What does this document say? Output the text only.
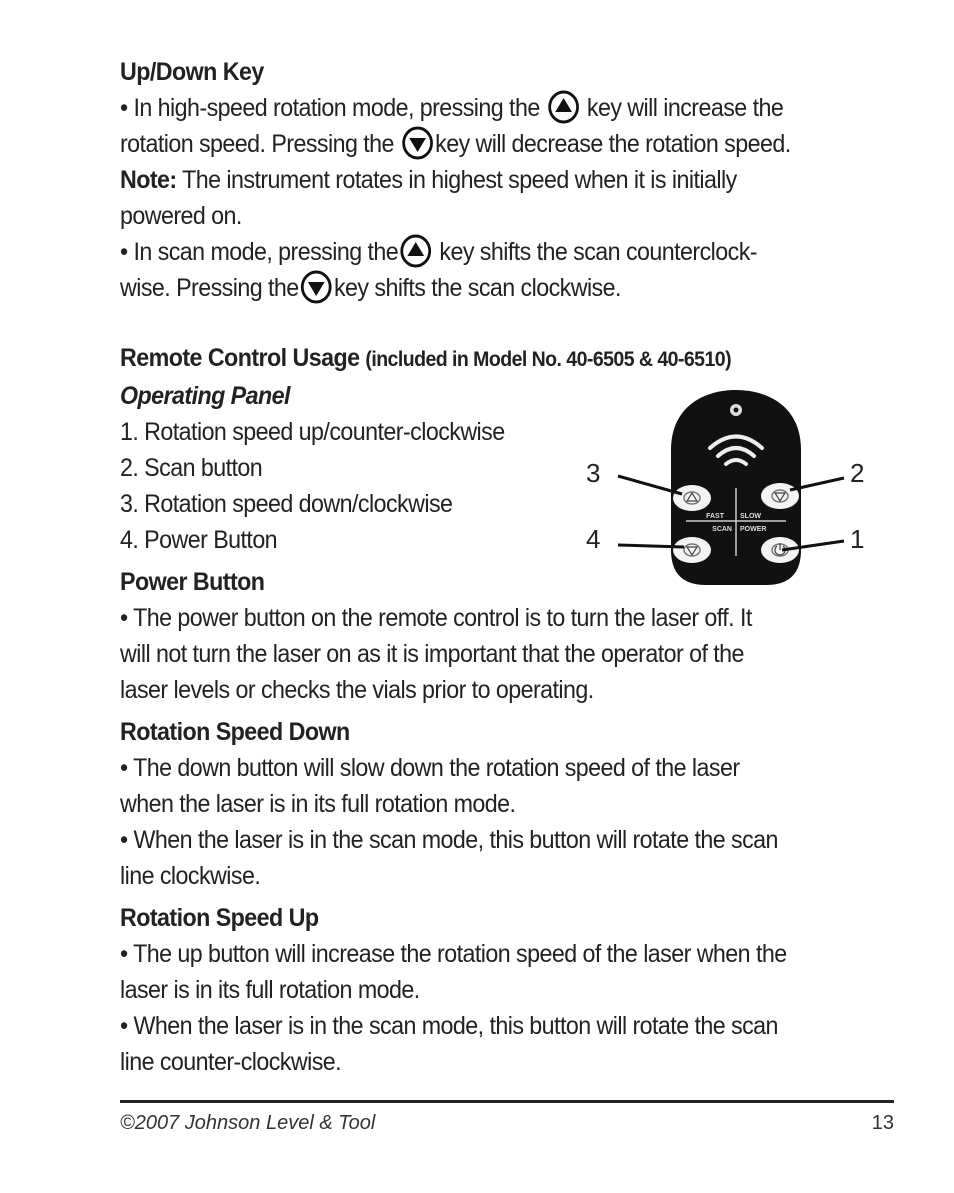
Up/Down Key
• In high-speed rotation mode, pressing the key will increase the
rotation speed. Pressing the key will decrease the rotation speed.
Note: The instrument rotates in highest speed when it is initially
powered on.
• In scan mode, pressing the key shifts the scan counterclock-
wise. Pressing the key shifts the scan clockwise.
Remote Control Usage (included in Model No. 40-6505 & 40-6510)
Operating Panel
1. Rotation speed up/counter-clockwise
2. Scan button
3. Rotation speed down/clockwise
4. Power Button
Power Button
• The power button on the remote control is to turn the laser off. It
will not turn the laser on as it is important that the operator of the
laser levels or checks the vials prior to operating.
Rotation Speed Down
• The down button will slow down the rotation speed of the laser
when the laser is in its full rotation mode.
• When the laser is in the scan mode, this button will rotate the scan
line clockwise.
Rotation Speed Up
• The up button will increase the rotation speed of the laser when the
laser is in its full rotation mode.
• When the laser is in the scan mode, this button will rotate the scan
line counter-clockwise.
FAST SLOW
SCAN POWER
3	2
4	1
©2007 Johnson Level & Tool	13
